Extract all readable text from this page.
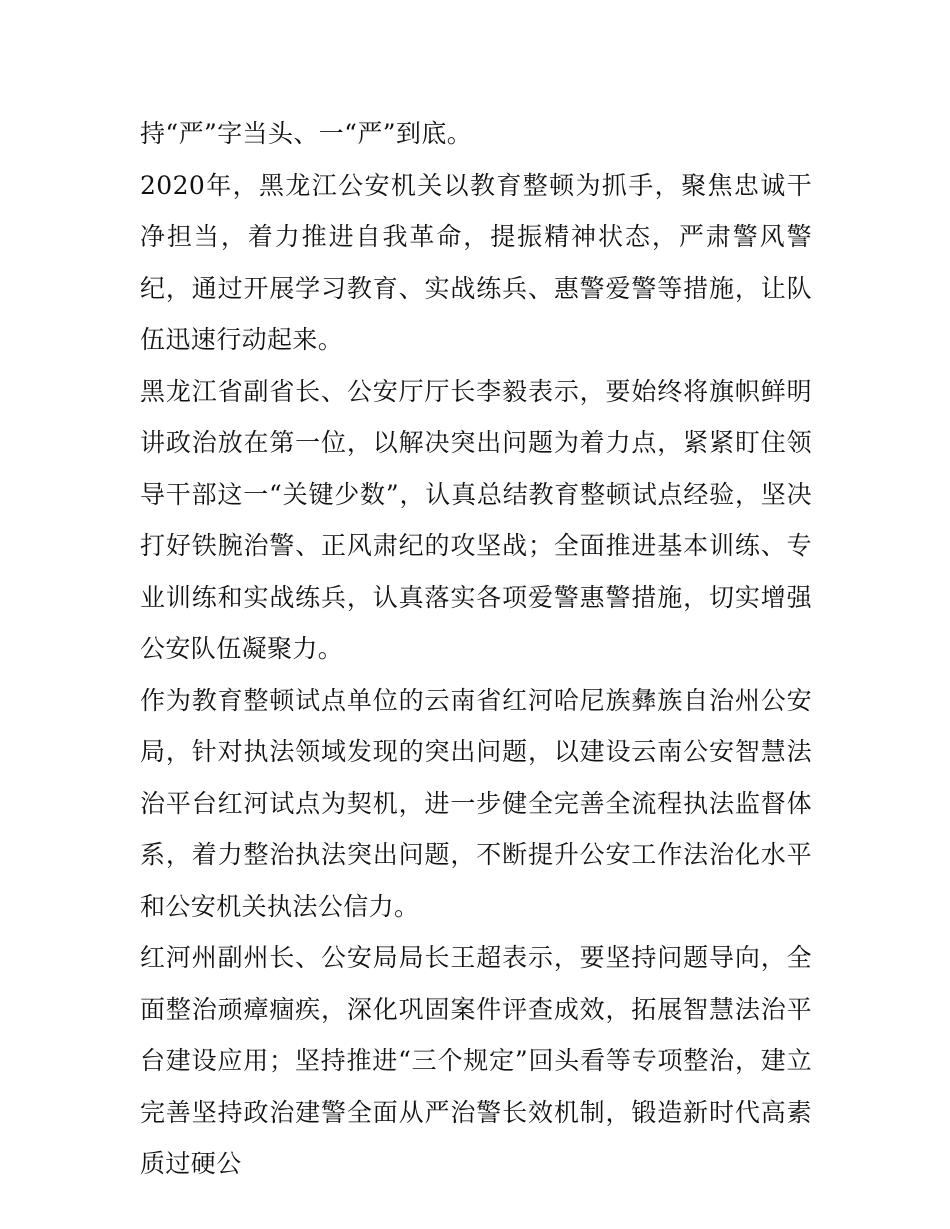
持“严”字当头、一“严”到底。

2020年，黑龙江公安机关以教育整顿为抓手，聚焦忠诚干净担当，着力推进自我革命，提振精神状态，严肃警风警纪，通过开展学习教育、实战练兵、惠警爱警等措施，让队伍迅速行动起来。

黑龙江省副省长、公安厅厅长李毅表示，要始终将旗帜鲜明讲政治放在第一位，以解决突出问题为着力点，紧紧盯住领导干部这一“关键少数”，认真总结教育整顿试点经验，坚决打好铁腕治警、正风肃纪的攻坚战；全面推进基本训练、专业训练和实战练兵，认真落实各项爱警惠警措施，切实增强公安队伍凝聚力。

作为教育整顿试点单位的云南省红河哈尼族彝族自治州公安局，针对执法领域发现的突出问题，以建设云南公安智慧法治平台红河试点为契机，进一步健全完善全流程执法监督体系，着力整治执法突出问题，不断提升公安工作法治化水平和公安机关执法公信力。

红河州副州长、公安局局长王超表示，要坚持问题导向，全面整治顽瘴痼疾，深化巩固案件评查成效，拓展智慧法治平台建设应用；坚持推进“三个规定”回头看等专项整治，建立完善坚持政治建警全面从严治警长效机制，锻造新时代高素质过硬公
